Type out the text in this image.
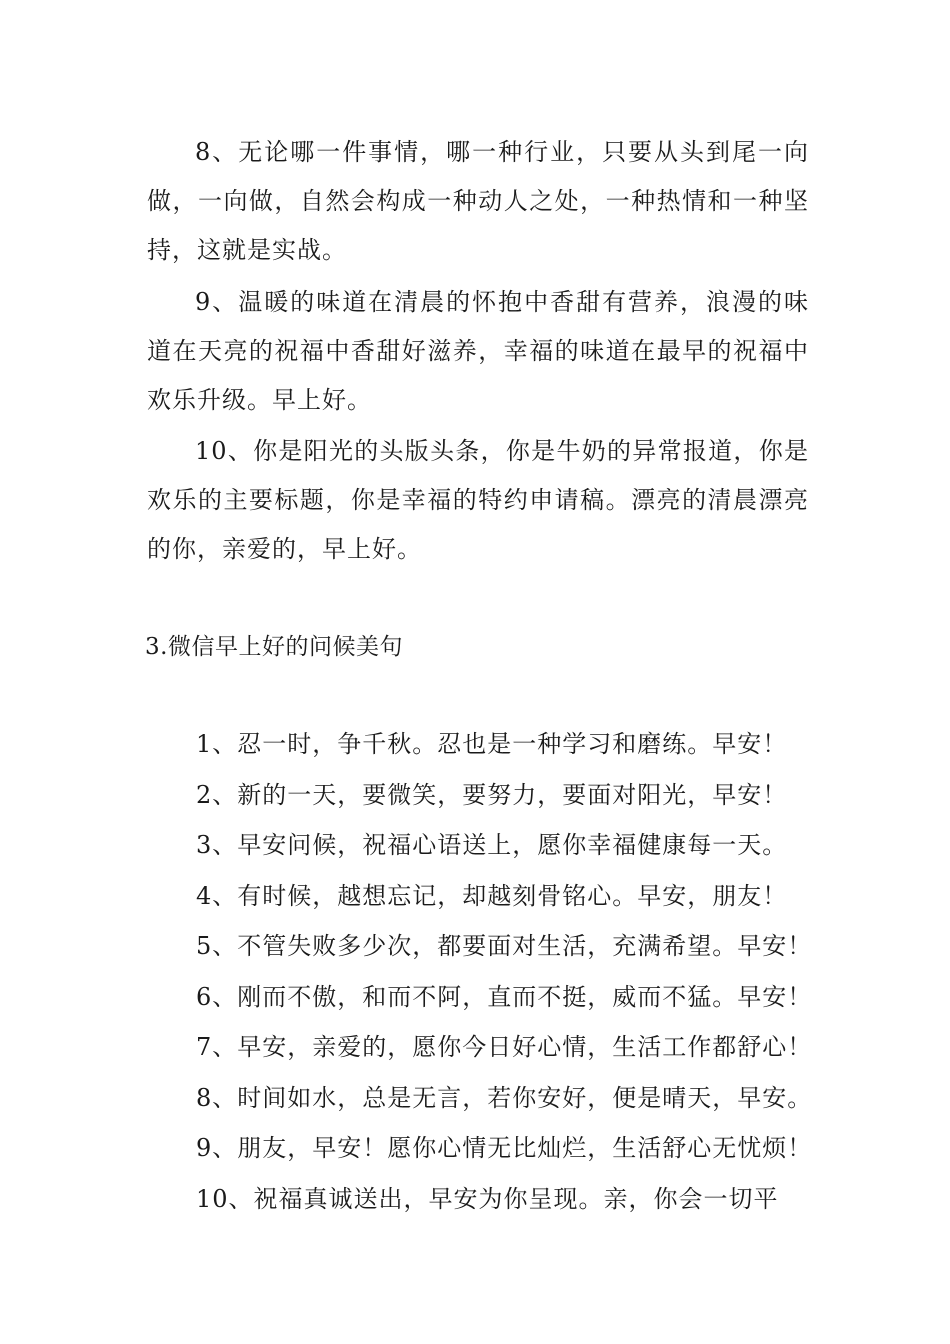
8、无论哪一件事情，哪一种行业，只要从头到尾一向做，一向做，自然会构成一种动人之处，一种热情和一种坚持，这就是实战。

9、温暖的味道在清晨的怀抱中香甜有营养，浪漫的味道在天亮的祝福中香甜好滋养，幸福的味道在最早的祝福中欢乐升级。早上好。

10、你是阳光的头版头条，你是牛奶的异常报道，你是欢乐的主要标题，你是幸福的特约申请稿。漂亮的清晨漂亮的你，亲爱的，早上好。

3.微信早上好的问候美句
1、忍一时，争千秋。忍也是一种学习和磨练。早安！
2、新的一天，要微笑，要努力，要面对阳光，早安！
3、早安问候，祝福心语送上，愿你幸福健康每一天。
4、有时候，越想忘记，却越刻骨铭心。早安，朋友！
5、不管失败多少次，都要面对生活，充满希望。早安！
6、刚而不傲，和而不阿，直而不挺，威而不猛。早安！
7、早安，亲爱的，愿你今日好心情，生活工作都舒心！
8、时间如水，总是无言，若你安好，便是晴天，早安。
9、朋友，早安！愿你心情无比灿烂，生活舒心无忧烦！
10、祝福真诚送出，早安为你呈现。亲，你会一切平
